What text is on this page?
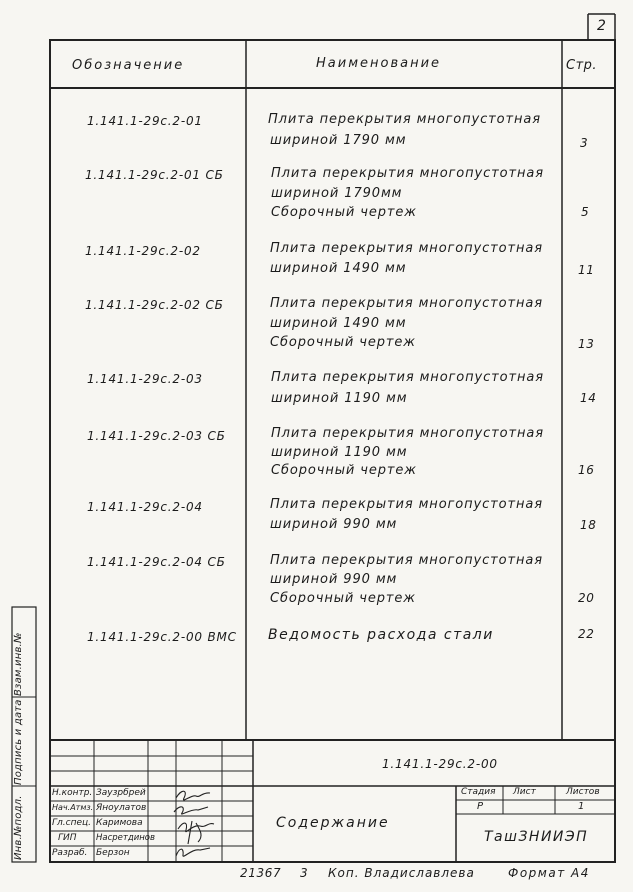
2
Обозначение	Наименование	Стр.
1.141.1-29с.2-01	Плита перекрытия многопустотная
шириной 1790 мм	3
1.141.1-29с.2-01 СБ	Плита перекрытия многопустотная
шириной 1790мм
Сборочный чертеж	5
1.141.1-29с.2-02	Плита перекрытия многопустотная
шириной 1490 мм	11
1.141.1-29с.2-02 СБ	Плита перекрытия многопустотная
шириной 1490 мм
Сборочный чертеж	13
1.141.1-29с.2-03	Плита перекрытия многопустотная
шириной 1190 мм	14
1.141.1-29с.2-03 СБ	Плита перекрытия многопустотная
шириной 1190 мм
Сборочный чертеж	16
1.141.1-29с.2-04	Плита перекрытия многопустотная
шириной 990 мм	18
1.141.1-29с.2-04 СБ	Плита перекрытия многопустотная
шириной 990 мм
Сборочный чертеж	20
1.141.1-29с.2-00 ВМС Ведомость расхода стали	22
1.141.1-29с.2-00
Содержание
Стадия Лист	Листов
Р	1
ТашЗНИИЭП
Н.контр. Заузрбрей
Нач.Атмз. Яноулатов
Гл.спец. Каримова
ГИП Насретдинов
Разраб. Берзон
Инв.№подл.
Подпись и дата
Взам.инв.№
21367 3 Коп. Владиславлева	Формат А4
